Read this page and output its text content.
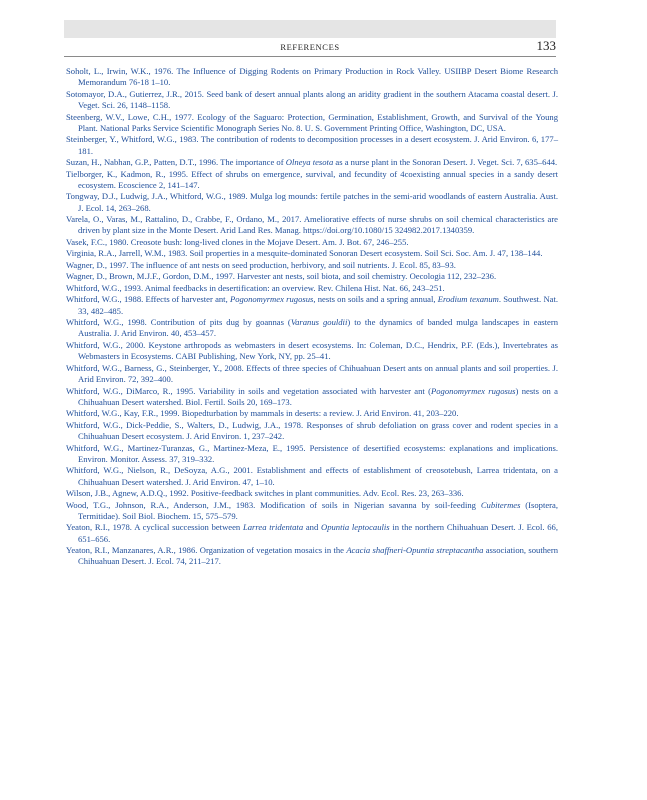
REFERENCES	133
Soholt, L., Irwin, W.K., 1976. The Influence of Digging Rodents on Primary Production in Rock Valley. USIIBP Desert Biome Research Memorandum 76-18 1–10.
Sotomayor, D.A., Gutierrez, J.R., 2015. Seed bank of desert annual plants along an aridity gradient in the southern Atacama coastal desert. J. Veget. Sci. 26, 1148–1158.
Steenberg, W.V., Lowe, C.H., 1977. Ecology of the Saguaro: Protection, Germination, Establishment, Growth, and Survival of the Young Plant. National Parks Service Scientific Monograph Series No. 8. U. S. Government Printing Office, Washington, DC, USA.
Steinberger, Y., Whitford, W.G., 1983. The contribution of rodents to decomposition processes in a desert ecosystem. J. Arid Environ. 6, 177–181.
Suzan, H., Nabhan, G.P., Patten, D.T., 1996. The importance of Olneya tesota as a nurse plant in the Sonoran Desert. J. Veget. Sci. 7, 635–644.
Tielborger, K., Kadmon, R., 1995. Effect of shrubs on emergence, survival, and fecundity of 4coexisting annual species in a sandy desert ecosystem. Ecoscience 2, 141–147.
Tongway, D.J., Ludwig, J.A., Whitford, W.G., 1989. Mulga log mounds: fertile patches in the semi-arid woodlands of eastern Australia. Aust. J. Ecol. 14, 263–268.
Varela, O., Varas, M., Rattalino, D., Crabbe, F., Ordano, M., 2017. Ameliorative effects of nurse shrubs on soil chemical characteristics are driven by plant size in the Monte Desert. Arid Land Res. Manag. https://doi.org/10.1080/15 324982.2017.1340359.
Vasek, F.C., 1980. Creosote bush: long-lived clones in the Mojave Desert. Am. J. Bot. 67, 246–255.
Virginia, R.A., Jarrell, W.M., 1983. Soil properties in a mesquite-dominated Sonoran Desert ecosystem. Soil Sci. Soc. Am. J. 47, 138–144.
Wagner, D., 1997. The influence of ant nests on seed production, herbivory, and soil nutrients. J. Ecol. 85, 83–93.
Wagner, D., Brown, M.J.F., Gordon, D.M., 1997. Harvester ant nests, soil biota, and soil chemistry. Oecologia 112, 232–236.
Whitford, W.G., 1993. Animal feedbacks in desertification: an overview. Rev. Chilena Hist. Nat. 66, 243–251.
Whitford, W.G., 1988. Effects of harvester ant, Pogonomyrmex rugosus, nests on soils and a spring annual, Erodium texanum. Southwest. Nat. 33, 482–485.
Whitford, W.G., 1998. Contribution of pits dug by goannas (Varanus gouldii) to the dynamics of banded mulga landscapes in eastern Australia. J. Arid Environ. 40, 453–457.
Whitford, W.G., 2000. Keystone arthropods as webmasters in desert ecosystems. In: Coleman, D.C., Hendrix, P.F. (Eds.), Invertebrates as Webmasters in Ecosystems. CABI Publishing, New York, NY, pp. 25–41.
Whitford, W.G., Barness, G., Steinberger, Y., 2008. Effects of three species of Chihuahuan Desert ants on annual plants and soil properties. J. Arid Environ. 72, 392–400.
Whitford, W.G., DiMarco, R., 1995. Variability in soils and vegetation associated with harvester ant (Pogonomyrmex rugosus) nests on a Chihuahuan Desert watershed. Biol. Fertil. Soils 20, 169–173.
Whitford, W.G., Kay, F.R., 1999. Biopedturbation by mammals in deserts: a review. J. Arid Environ. 41, 203–220.
Whitford, W.G., Dick-Peddie, S., Walters, D., Ludwig, J.A., 1978. Responses of shrub defoliation on grass cover and rodent species in a Chihuahuan Desert ecosystem. J. Arid Environ. 1, 237–242.
Whitford, W.G., Martinez-Turanzas, G., Martinez-Meza, E., 1995. Persistence of desertified ecosystems: explanations and implications. Environ. Monitor. Assess. 37, 319–332.
Whitford, W.G., Nielson, R., DeSoyza, A.G., 2001. Establishment and effects of establishment of creosotebush, Larrea tridentata, on a Chihuahuan Desert watershed. J. Arid Environ. 47, 1–10.
Wilson, J.B., Agnew, A.D.Q., 1992. Positive-feedback switches in plant communities. Adv. Ecol. Res. 23, 263–336.
Wood, T.G., Johnson, R.A., Anderson, J.M., 1983. Modification of soils in Nigerian savanna by soil-feeding Cubitermes (Isoptera, Termitidae). Soil Biol. Biochem. 15, 575–579.
Yeaton, R.I., 1978. A cyclical succession between Larrea tridentata and Opuntia leptocaulis in the northern Chihuahuan Desert. J. Ecol. 66, 651–656.
Yeaton, R.I., Manzanares, A.R., 1986. Organization of vegetation mosaics in the Acacia shaffneri-Opuntia streptacantha association, southern Chihuahuan Desert. J. Ecol. 74, 211–217.
